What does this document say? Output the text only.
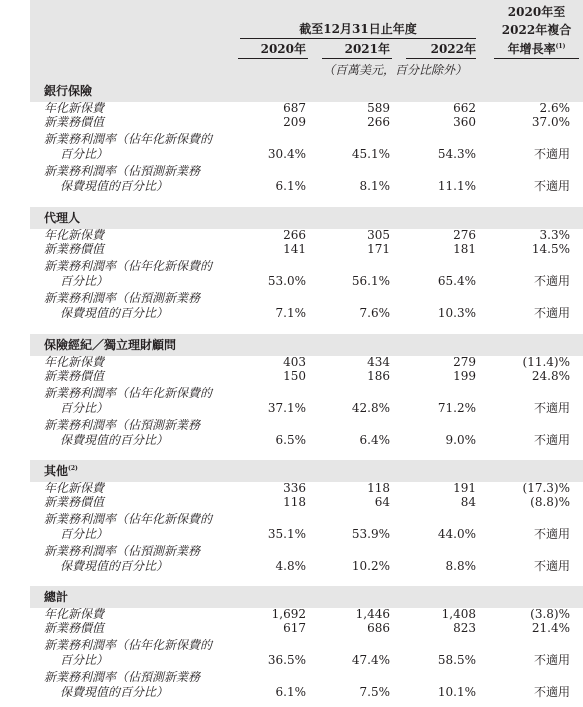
2020年至
2022年複合
年增長率$^{(1)}$
截至12月31日止年度
2020年	2021年	2022年
（百萬美元，百分比除外）
銀行保險
年化新保費	687	589	662	2.6%
新業務價值	209	266	360	37.0%
新業務利潤率（佔年化新保費的
百分比）	30.4%	45.1%	54.3%	不適用
新業務利潤率（佔預測新業務
保費現值的百分比）	6.1%	8.1%	11.1%	不適用
代理人
年化新保費	266	305	276	3.3%
新業務價值	141	171	181	14.5%
新業務利潤率（佔年化新保費的
百分比）	53.0%	56.1%	65.4%	不適用
新業務利潤率（佔預測新業務
保費現值的百分比）	7.1%	7.6%	10.3%	不適用
保險經紀／獨立理財顧問
年化新保費	403	434	279	(11.4)%
新業務價值	150	186	199	24.8%
新業務利潤率（佔年化新保費的
百分比）	37.1%	42.8%	71.2%	不適用
新業務利潤率（佔預測新業務
保費現值的百分比）	6.5%	6.4%	9.0%	不適用
其他$^{(2)}$
年化新保費	336	118	191	(17.3)%
新業務價值	118	64	84	(8.8)%
新業務利潤率（佔年化新保費的
百分比）	35.1%	53.9%	44.0%	不適用
新業務利潤率（佔預測新業務
保費現值的百分比）	4.8%	10.2%	8.8%	不適用
總計
年化新保費	1,692	1,446	1,408	(3.8)%
新業務價值	617	686	823	21.4%
新業務利潤率（佔年化新保費的
百分比）	36.5%	47.4%	58.5%	不適用
新業務利潤率（佔預測新業務
保費現值的百分比）	6.1%	7.5%	10.1%	不適用
